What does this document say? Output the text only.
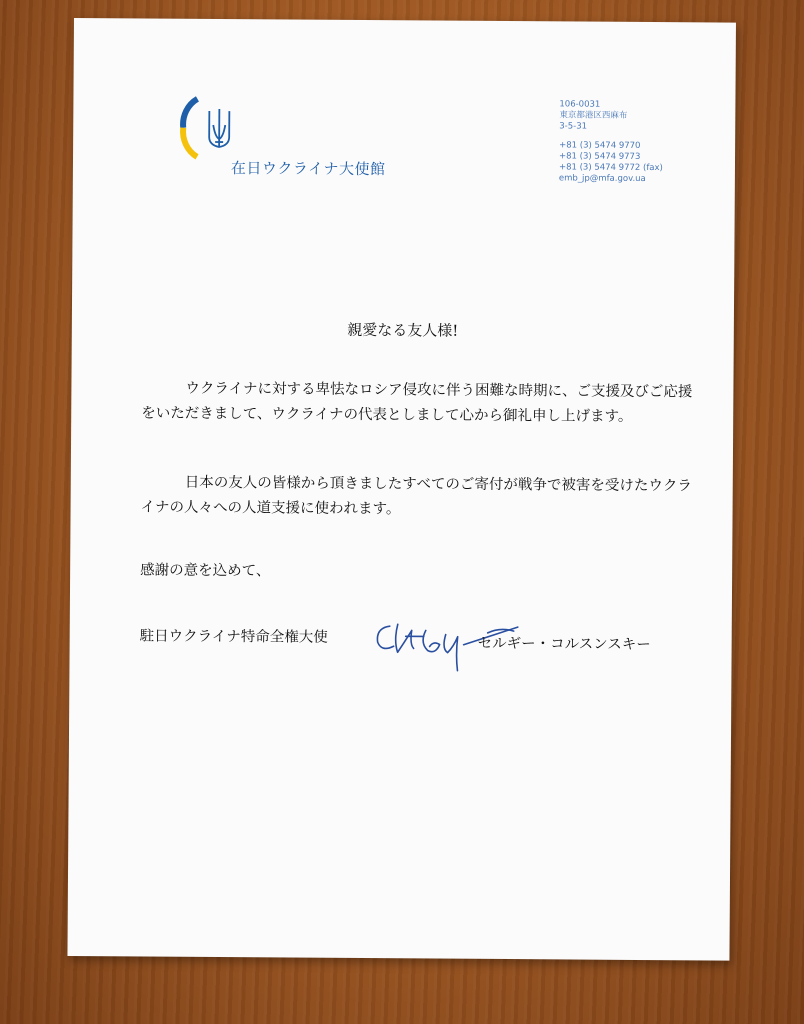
在日ウクライナ大使館
106-0031
東京都港区西麻布
3-5-31
+81 (3) 5474 9770
+81 (3) 5474 9773
+81 (3) 5474 9772 (fax)
emb_jp@mfa.gov.ua
親愛なる友人様!
ウクライナに対する卑怯なロシア侵攻に伴う困難な時期に、ご支援及びご応援をいただきまして、ウクライナの代表としまして心から御礼申し上げます。
日本の友人の皆様から頂きましたすべてのご寄付が戦争で被害を受けたウクライナの人々への人道支援に使われます。
感謝の意を込めて、
駐日ウクライナ特命全権大使	セルギー・コルスンスキー
